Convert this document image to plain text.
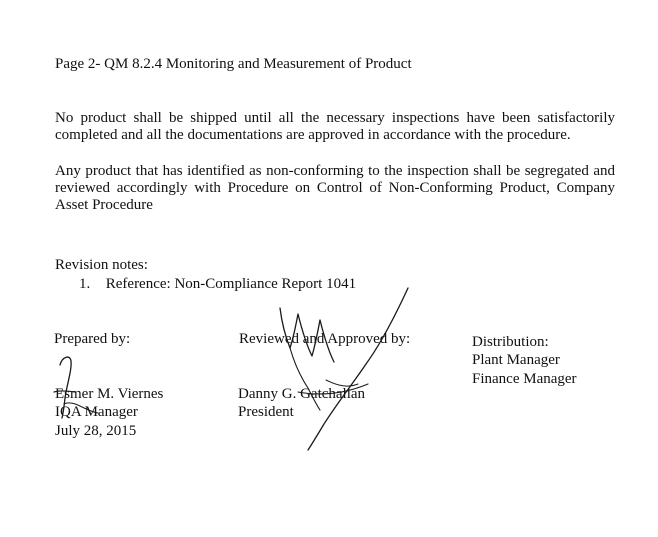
Page 2- QM 8.2.4 Monitoring and Measurement of Product
No product shall be shipped until all the necessary inspections have been satisfactorily completed and all the documentations are approved in accordance with the procedure.
Any product that has identified as non-conforming to the inspection shall be segregated and reviewed accordingly with Procedure on Control of Non-Conforming Product, Company Asset Procedure
Revision notes:
1. Reference: Non-Compliance Report 1041
Prepared by:
Esmer M. Viernes
IQA Manager
July 28, 2015
Reviewed and Approved by:
Danny G. Gatchalian
President
Distribution:
Plant Manager
Finance Manager
